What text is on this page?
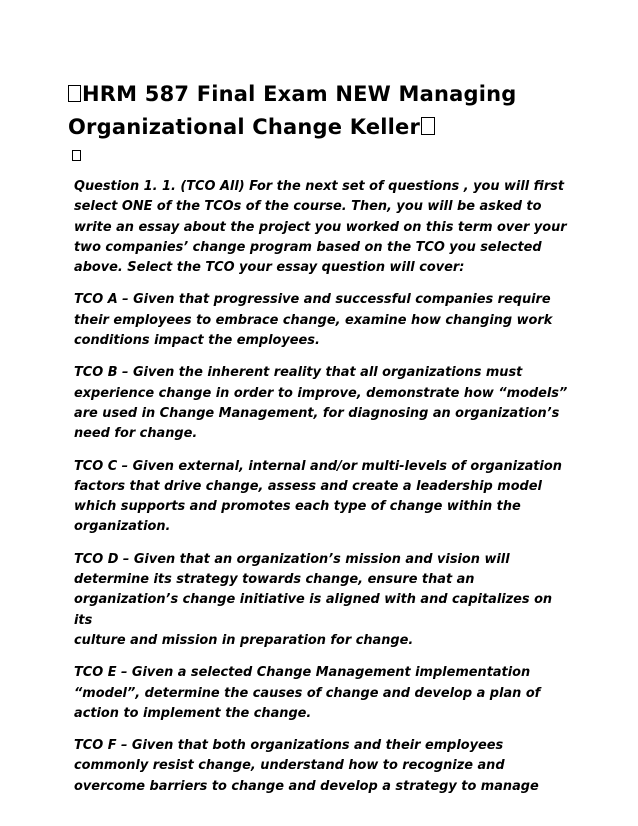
HRM 587 Final Exam NEW Managing
Organizational Change Keller

Question 1. 1. (TCO All) For the next set of questions , you will first
select ONE of the TCOs of the course. Then, you will be asked to
write an essay about the project you worked on this term over your
two companies’ change program based on the TCO you selected
above. Select the TCO your essay question will cover:

TCO A – Given that progressive and successful companies require
their employees to embrace change, examine how changing work
conditions impact the employees.

TCO B – Given the inherent reality that all organizations must
experience change in order to improve, demonstrate how “models”
are used in Change Management, for diagnosing an organization’s
need for change.

TCO C – Given external, internal and/or multi-levels of organization
factors that drive change, assess and create a leadership model
which supports and promotes each type of change within the
organization.

TCO D – Given that an organization’s mission and vision will
determine its strategy towards change, ensure that an
organization’s change initiative is aligned with and capitalizes on its
culture and mission in preparation for change.

TCO E – Given a selected Change Management implementation
“model”, determine the causes of change and develop a plan of
action to implement the change.

TCO F – Given that both organizations and their employees
commonly resist change, understand how to recognize and
overcome barriers to change and develop a strategy to manage
